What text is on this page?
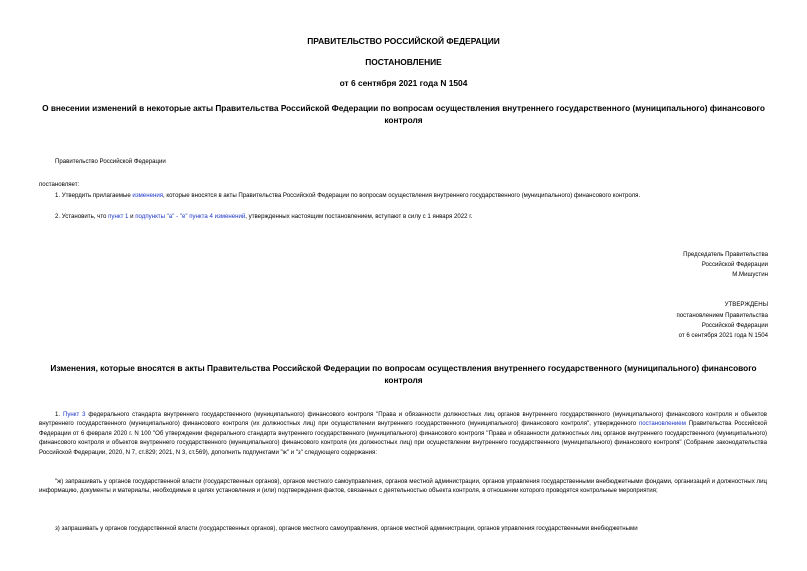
ПРАВИТЕЛЬСТВО РОССИЙСКОЙ ФЕДЕРАЦИИ

ПОСТАНОВЛЕНИЕ

от 6 сентября 2021 года N 1504

О внесении изменений в некоторые акты Правительства Российской Федерации по вопросам осуществления внутреннего государственного (муниципального) финансового контроля

Правительство Российской Федерации

постановляет:

1. Утвердить прилагаемые изменения, которые вносятся в акты Правительства Российской Федерации по вопросам осуществления внутреннего государственного (муниципального) финансового контроля.

2. Установить, что пункт 1 и подпункты "а" - "е" пункта 4 изменений, утвержденных настоящим постановлением, вступают в силу с 1 января 2022 г.

Председатель Правительства

Российской Федерации

М.Мишустин

УТВЕРЖДЕНЫ

постановлением Правительства

Российской Федерации

от 6 сентября 2021 года N 1504

Изменения, которые вносятся в акты Правительства Российской Федерации по вопросам осуществления внутреннего государственного (муниципального) финансового контроля

1. Пункт 3 федерального стандарта внутреннего государственного (муниципального) финансового контроля "Права и обязанности должностных лиц органов внутреннего государственного (муниципального) финансового контроля и объектов внутреннего государственного (муниципального) финансового контроля (их должностных лиц) при осуществлении внутреннего государственного (муниципального) финансового контроля", утвержденного постановлением Правительства Российской Федерации от 6 февраля 2020 г. N 100 "Об утверждении федерального стандарта внутреннего государственного (муниципального) финансового контроля "Права и обязанности должностных лиц органов внутреннего государственного (муниципального) финансового контроля и объектов внутреннего государственного (муниципального) финансового контроля (их должностных лиц) при осуществлении внутреннего государственного (муниципального) финансового контроля" (Собрание законодательства Российской Федерации, 2020, N 7, ст.829; 2021, N 3, ст.569), дополнить подпунктами "ж" и "з" следующего содержания:

"ж) запрашивать у органов государственной власти (государственных органов), органов местного самоуправления, органов местной администрации, органов управления государственными внебюджетными фондами, организаций и должностных лиц информацию, документы и материалы, необходимые в целях установления и (или) подтверждения фактов, связанных с деятельностью объекта контроля, в отношении которого проводятся контрольные мероприятия;

з) запрашивать у органов государственной власти (государственных органов), органов местного самоуправления, органов местной администрации, органов управления государственными внебюджетными
